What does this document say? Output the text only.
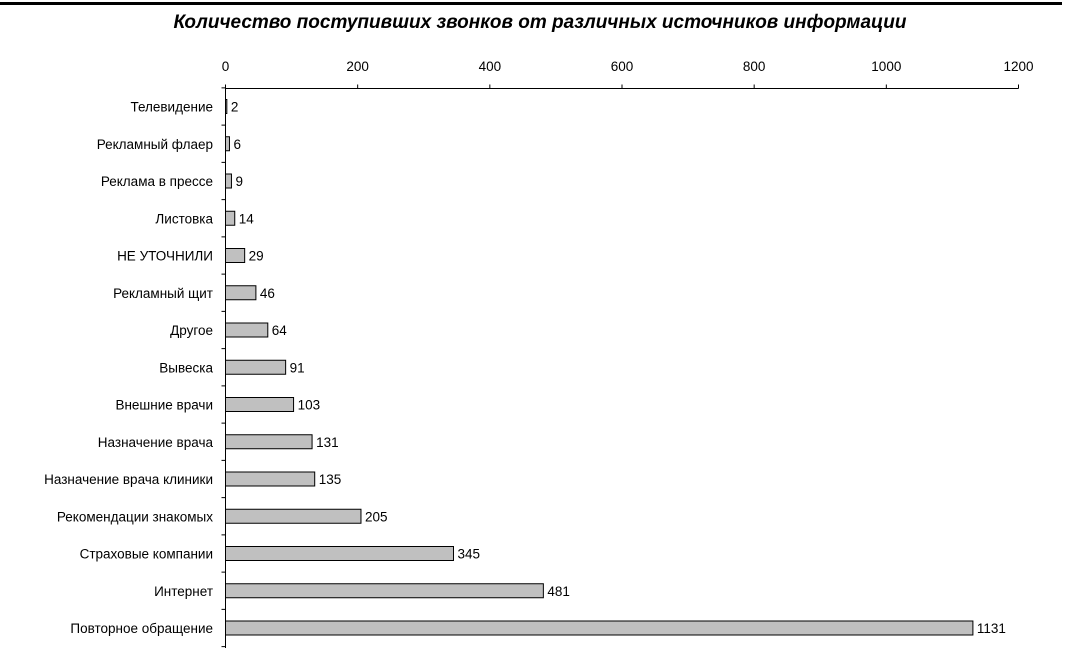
Количество поступивших звонков от различных источников информации
0	200	400	600	800	1000	1200
2
6
9
14
29
46
64
91
103
131
135
205
345
481
1131
Телевидение
Рекламный флаер
Реклама в прессе
Листовка
НЕ УТОЧНИЛИ
Рекламный щит
Другое
Вывеска
Внешние врачи
Назначение врача
Назначение врача клиники
Рекомендации знакомых
Страховые компании
Интернет
Повторное обращение
